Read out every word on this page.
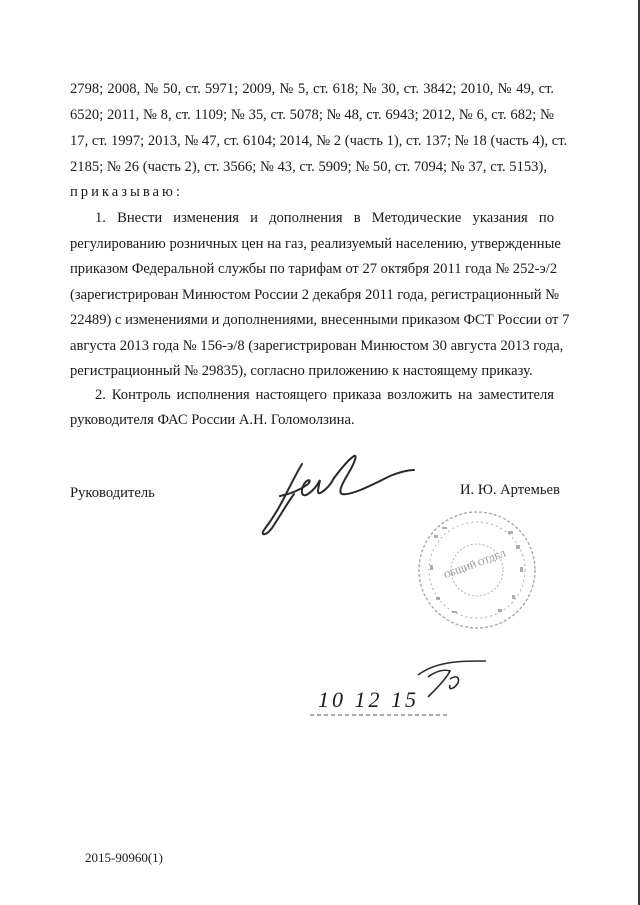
2798; 2008, № 50, ст. 5971; 2009, № 5, ст. 618; № 30, ст. 3842; 2010, № 49, ст.
6520; 2011, № 8, ст. 1109; № 35, ст. 5078; № 48, ст. 6943; 2012, № 6, ст. 682; №
17, ст. 1997; 2013, № 47, ст. 6104; 2014, № 2 (часть 1), ст. 137; № 18 (часть 4), ст.
2185; № 26 (часть 2), ст. 3566; № 43, ст. 5909; № 50, ст. 7094; № 37, ст. 5153),
приказываю:
1. Внести изменения и дополнения в Методические указания по
регулированию розничных цен на газ, реализуемый населению, утвержденные
приказом Федеральной службы по тарифам от 27 октября 2011 года № 252-э/2
(зарегистрирован Минюстом России 2 декабря 2011 года, регистрационный №
22489) с изменениями и дополнениями, внесенными приказом ФСТ России от 7
августа 2013 года № 156-э/8 (зарегистрирован Минюстом 30 августа 2013 года,
регистрационный № 29835), согласно приложению к настоящему приказу.
2. Контроль исполнения настоящего приказа возложить на заместителя
руководителя ФАС России А.Н. Голомолзина.
Руководитель	И. Ю. Артемьев
ОБЩИЙ ОТДЕЛ
10 12 15
2015-90960(1)
